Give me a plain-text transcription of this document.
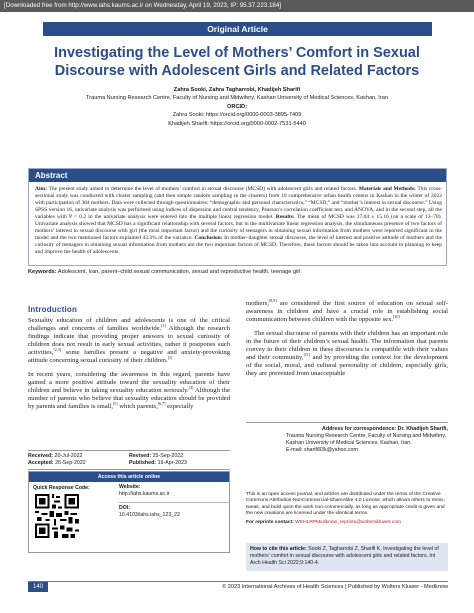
[Downloaded free from http://www.iahs.kaums.ac.ir on Wednesday, April 19, 2023, IP: 95.37.223.184]
Original Article
Investigating the Level of Mothers’ Comfort in Sexual Discourse with Adolescent Girls and Related Factors
Zahra Sooki, Zahra Tagharrobi, Khadijeh Sharifi
Trauma Nursing Research Centre, Faculty of Nursing and Midwifery, Kashan University of Medical Sciences, Kashan, Iran
ORCID:
Zahra Sooki: https://orcid.org/0000-0003-3895-7409
Khadijeh Sharifi: https://orcid.org/0000-0002-7531-5440
Abstract
Aim: The present study aimed to determine the level of mothers’ comfort in sexual discourse (MCSD) with adolescent girls and related factors. Materials and Methods: This cross-sectional study was conducted with cluster sampling (and then simple random sampling in the clusters) from 10 comprehensive urban health centers in Kashan in the winter of 2022 with participation of 384 mothers. Data were collected through questionnaires: “demographic and personal characteristics,” “MCSD,” and “mother’s interest in sexual discourse.” Using SPSS version 16, univariate analysis was performed using indices of dispersion and central tendency, Pearson’s correlation coefficient test, and ANOVA, and in the second step, all the variables with P < 0.2 in the univariate analysis were entered into the multiple linear regression model. Results: The mean of MCSD was 37.04 ± 15.16 (on a scale of 13–78). Univariate analysis showed that MCSD has a significant relationship with several factors, but in the multivariate linear regression analysis, the simultaneous presence of two factors of mothers’ interest to sexual discourse with girl (the most important factor) and the curiosity of teenagers in obtaining sexual information from mothers were reported significant in the model and the two mentioned factors explained 43.3% of the variance. Conclusion: In mother–daughter sexual discourse, the level of interest and positive attitude of mothers and the curiosity of teenagers in obtaining sexual information from mothers are the two important factors of MCSD. Therefore, these factors should be taken into account in planning to keep and improve the health of adolescents.
Keywords: Adolescent, Iran, parent–child sexual communication, sexual and reproductive health, teenage girl
Introduction
Sexuality education of children and adolescents is one of the critical challenges and concerns of families worldwide.[1] Although the research findings indicate that providing proper answers to sexual curiosity of children does not result in early sexual activities, rather it postpones such activities,[2,3] some families present a negative and anxiety-provoking attitude concerning sexual curiosity of their children.[1]
In recent years, considering the awareness in this regard, parents have gained a more positive attitude toward the sexuality education of their children and believe in taking sexuality education seriously.[4] Although the number of parents who believe that sexuality education should be provided by parents and families is small,[5] which parents,[6,7] especially
mothers,[8,9] are considered the first source of education on sexual self-awareness in children and have a crucial role in establishing social communication between children with the opposite sex.[10]
The sexual discourse of parents with their children has an important role in the future of their children’s sexual health. The information that parents convey to their children in these discourses is compatible with their values and their community,[11] and by providing the context for the development of the social, moral, and cultural personality of children, especially girls, they are prevented from unacceptable
Address for correspondence: Dr. Khadijeh Sharifi,
Trauma Nursing Research Centre, Faculty of Nursing and Midwifery, Kashan University of Medical Sciences, Kashan, Iran.
E-mail: sharifi83k@yahoo.com
Received: 20-Jul-2022	Revised: 25-Sep-2022
Accepted: 26-Sep-2022	Published: 19-Apr-2023
Access this article online
Quick Response Code:	Website:
http://iahs.kaums.ac.ir
DOI:
10.4103/iahs.iahs_123_22
This is an open access journal, and articles are distributed under the terms of the Creative Commons Attribution-NonCommercial-ShareAlike 4.0 License, which allows others to remix, tweak, and build upon the work non-commercially, as long as appropriate credit is given and the new creations are licensed under the identical terms.
For reprints contact: WKHLRPMedknow_reprints@wolterskluwer.com
How to cite this article: Sooki Z, Tagharrobi Z, Sharifi K. Investigating the level of mothers’ comfort in sexual discourse with adolescent girls and related factors. Int Arch Health Sci 2022;9:140-4.
140	© 2023 International Archives of Health Sciences | Published by Wolters Kluwer - Medknow
